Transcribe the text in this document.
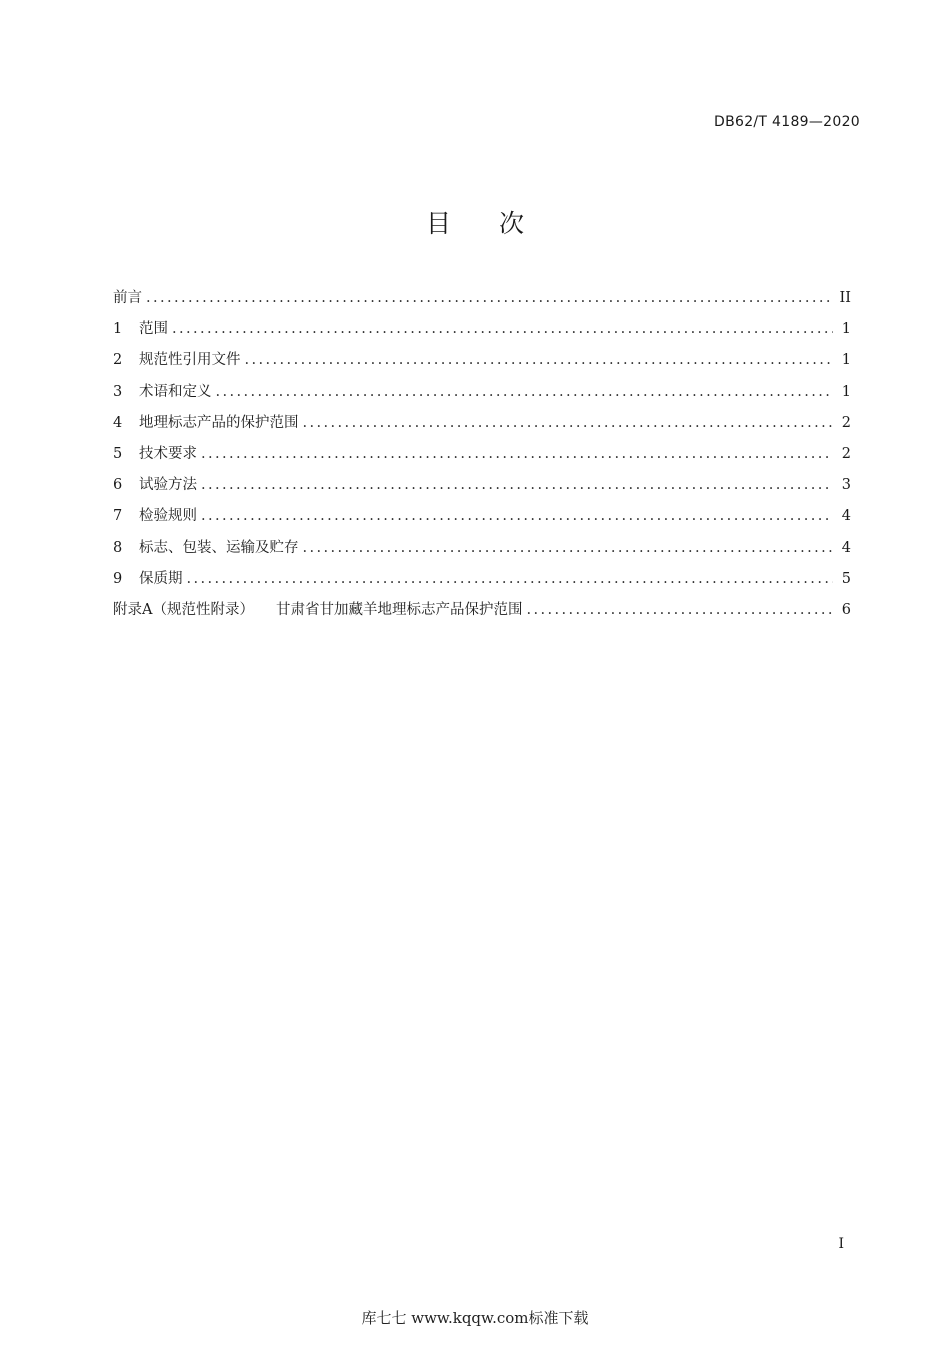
DB62/T 4189—2020
目次
前言 .....	II
1	范围 .....	1
2	规范性引用文件 .....	1
3	术语和定义 .....	1
4	地理标志产品的保护范围 .....	2
5	技术要求 .....	2
6	试验方法 .....	3
7	检验规则 .....	4
8	标志、包装、运输及贮存 .....	4
9	保质期 .....	5
附录A（规范性附录） 甘肃省甘加藏羊地理标志产品保护范围 .....	6
I
库七七 www.kqqw.com标准下载
